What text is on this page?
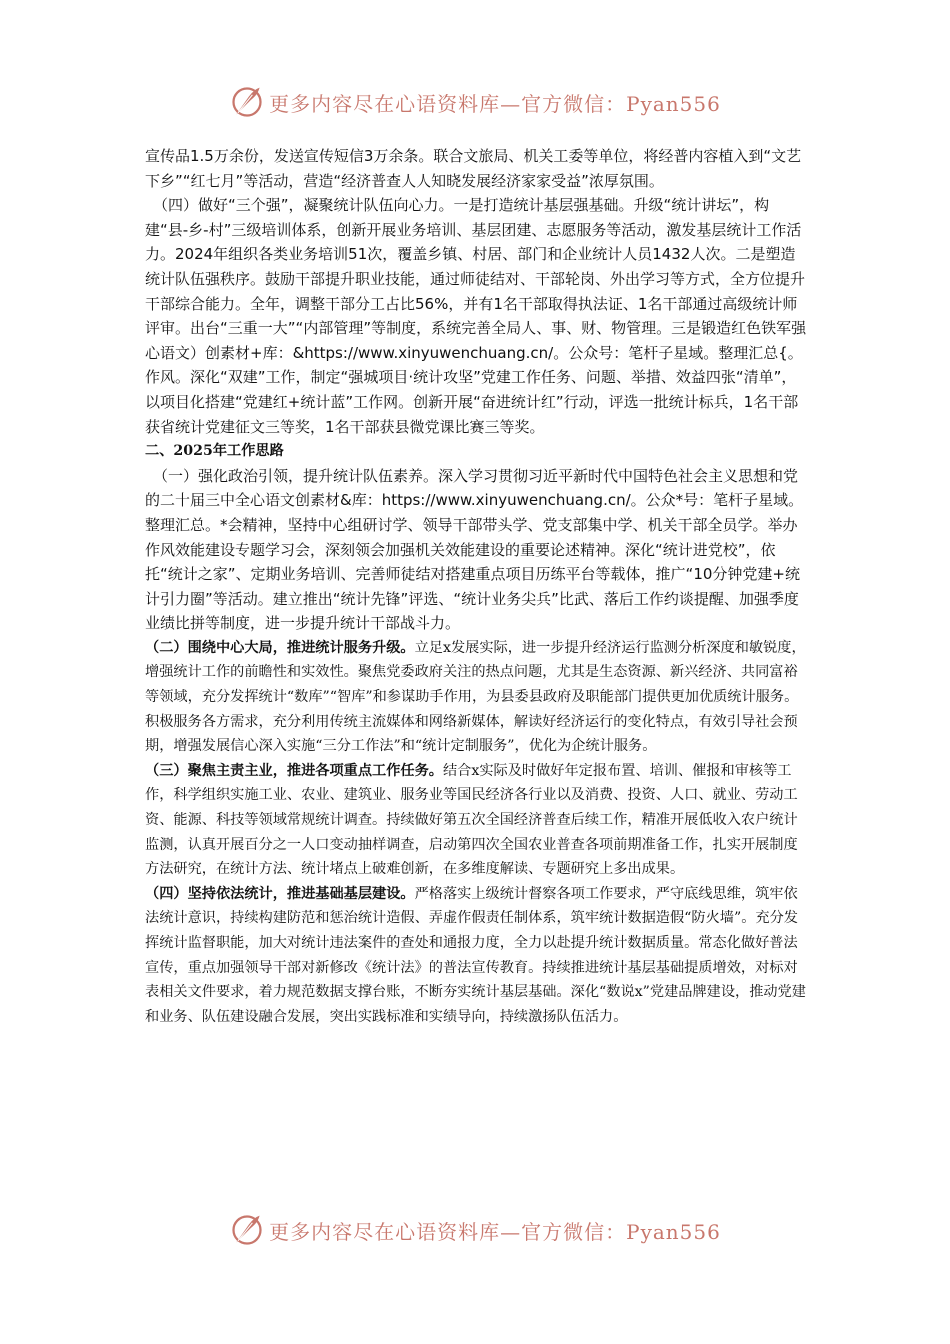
更多内容尽在心语资料库—官方微信：Pyan556

宣传品1.5万余份，发送宣传短信3万余条。联合文旅局、机关工委等单位，将经普内容植入到“文艺下乡”“红七月”等活动，营造“经济普查人人知晓发展经济家家受益”浓厚氛围。

（四）做好“三个强”，凝聚统计队伍向心力。一是打造统计基层强基础。升级“统计讲坛”，构建“县-乡-村”三级培训体系，创新开展业务培训、基层团建、志愿服务等活动，激发基层统计工作活力。2024年组织各类业务培训51次，覆盖乡镇、村居、部门和企业统计人员1432人次。二是塑造统计队伍强秩序。鼓励干部提升职业技能，通过师徒结对、干部轮岗、外出学习等方式，全方位提升干部综合能力。全年，调整干部分工占比56%，并有1名干部取得执法证、1名干部通过高级统计师评审。出台“三重一大”“内部管理”等制度，系统完善全局人、事、财、物管理。三是锻造红色铁军强心语文）创素材+库：&https://www.xinyuwenchuang.cn/。公众号：笔杆子星域。整理汇总{。作风。深化“双建”工作，制定“强城项目·统计攻坚”党建工作任务、问题、举措、效益四张“清单”，以项目化搭建“党建红+统计蓝”工作网。创新开展“奋进统计红”行动，评选一批统计标兵，1名干部获省统计党建征文三等奖，1名干部获县微党课比赛三等奖。

二、2025年工作思路

（一）强化政治引领，提升统计队伍素养。深入学习贯彻习近平新时代中国特色社会主义思想和党的二十届三中全心语文创素材&库：https://www.xinyuwenchuang.cn/。公众*号：笔杆子星域。整理汇总。*会精神，坚持中心组研讨学、领导干部带头学、党支部集中学、机关干部全员学。举办作风效能建设专题学习会，深刻领会加强机关效能建设的重要论述精神。深化“统计进党校”，依托“统计之家”、定期业务培训、完善师徒结对搭建重点项目历练平台等载体，推广“10分钟党建+统计引力圈”等活动。建立推出“统计先锋”评选、“统计业务尖兵”比武、落后工作约谈提醒、加强季度业绩比拼等制度，进一步提升统计干部战斗力。

（二）围绕中心大局，推进统计服务升级。立足x发展实际，进一步提升经济运行监测分析深度和敏锐度，增强统计工作的前瞻性和实效性。聚焦党委政府关注的热点问题，尤其是生态资源、新兴经济、共同富裕等领域，充分发挥统计“数库”“智库”和参谋助手作用，为县委县政府及职能部门提供更加优质统计服务。积极服务各方需求，充分利用传统主流媒体和网络新媒体，解读好经济运行的变化特点，有效引导社会预期，增强发展信心深入实施“三分工作法”和“统计定制服务”，优化为企统计服务。

（三）聚焦主责主业，推进各项重点工作任务。结合x实际及时做好年定报布置、培训、催报和审核等工作，科学组织实施工业、农业、建筑业、服务业等国民经济各行业以及消费、投资、人口、就业、劳动工资、能源、科技等领域常规统计调查。持续做好第五次全国经济普查后续工作，精准开展低收入农户统计监测，认真开展百分之一人口变动抽样调查，启动第四次全国农业普查各项前期准备工作，扎实开展制度方法研究，在统计方法、统计堵点上破难创新，在多维度解读、专题研究上多出成果。

（四）坚持依法统计，推进基础基层建设。严格落实上级统计督察各项工作要求，严守底线思维，筑牢依法统计意识，持续构建防范和惩治统计造假、弄虚作假责任制体系，筑牢统计数据造假“防火墙”。充分发挥统计监督职能，加大对统计违法案件的查处和通报力度，全力以赴提升统计数据质量。常态化做好普法宣传，重点加强领导干部对新修改《统计法》的普法宣传教育。持续推进统计基层基础提质增效，对标对表相关文件要求，着力规范数据支撑台账，不断夯实统计基层基础。深化“数说x”党建品牌建设，推动党建和业务、队伍建设融合发展，突出实践标准和实绩导向，持续激扬队伍活力。

更多内容尽在心语资料库—官方微信：Pyan556
